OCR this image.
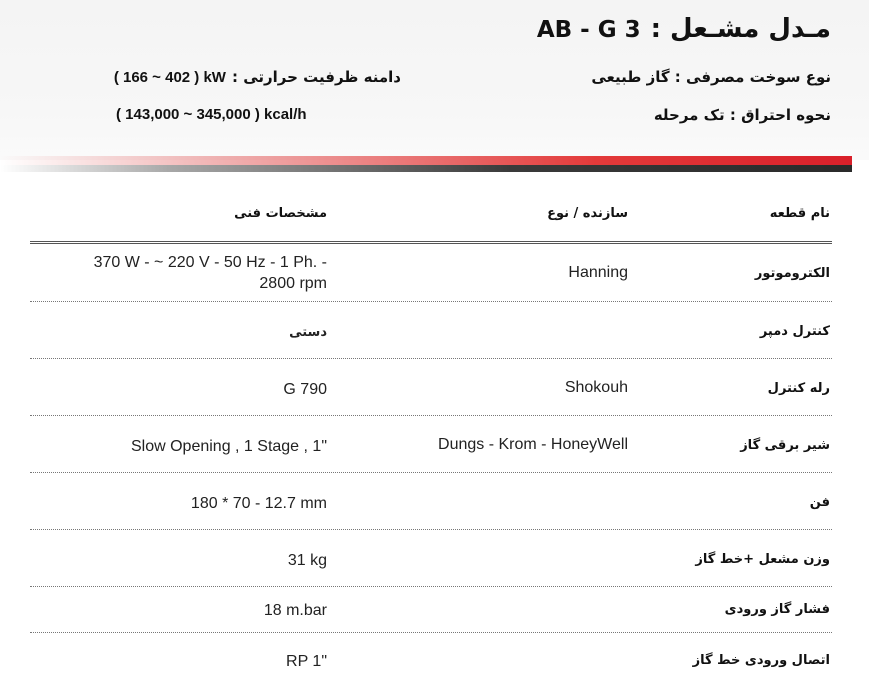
مـدل مشـعل :AB - G 3
نوع سوخت مصرفی : گاز طبیعی
نحوه احتراق : تک مرحله
دامنه ظرفیت حرارتی :( 166 ~ 402 ) kW
( 143,000 ~ 345,000 ) kcal/h
نام قطعه
سازنده / نوع
مشخصات فنی
الکتروموتور
Hanning
370 W - ~ 220 V - 50 Hz - 1 Ph. - 2800 rpm
کنترل دمپر
دستی
رله کنترل
Shokouh
G 790
شیر برقی گاز
Dungs - Krom - HoneyWell
Slow Opening , 1 Stage , 1"
فن
180 * 70 - 12.7 mm
وزن مشعل +خط گاز
31 kg
فشار گاز ورودی
18 m.bar
اتصال ورودی خط گاز
RP 1"
